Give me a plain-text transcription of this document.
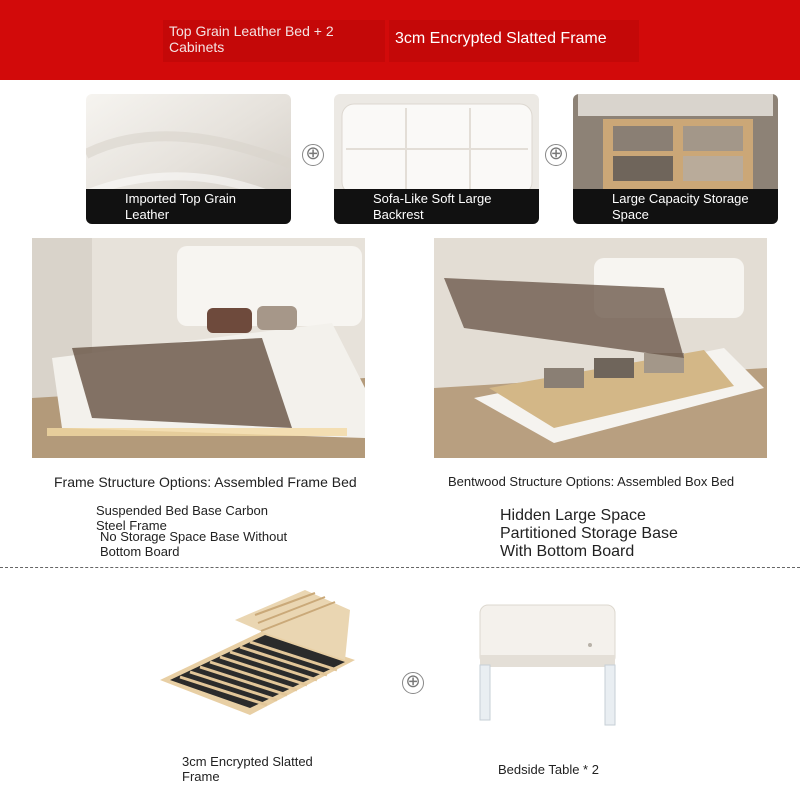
Top Grain Leather Bed + 2 Cabinets	3cm Encrypted Slatted Frame
Imported Top Grain Leather
⊕
Sofa-Like Soft Large Backrest
⊕
Large Capacity Storage Space
Frame Structure Options: Assembled Frame Bed	Bentwood Structure Options: Assembled Box Bed
Suspended Bed Base Carbon Steel Frame
No Storage Space Base Without Bottom Board
Hidden Large Space Partitioned Storage Base With Bottom Board
⊕
3cm Encrypted Slatted Frame	Bedside Table * 2
